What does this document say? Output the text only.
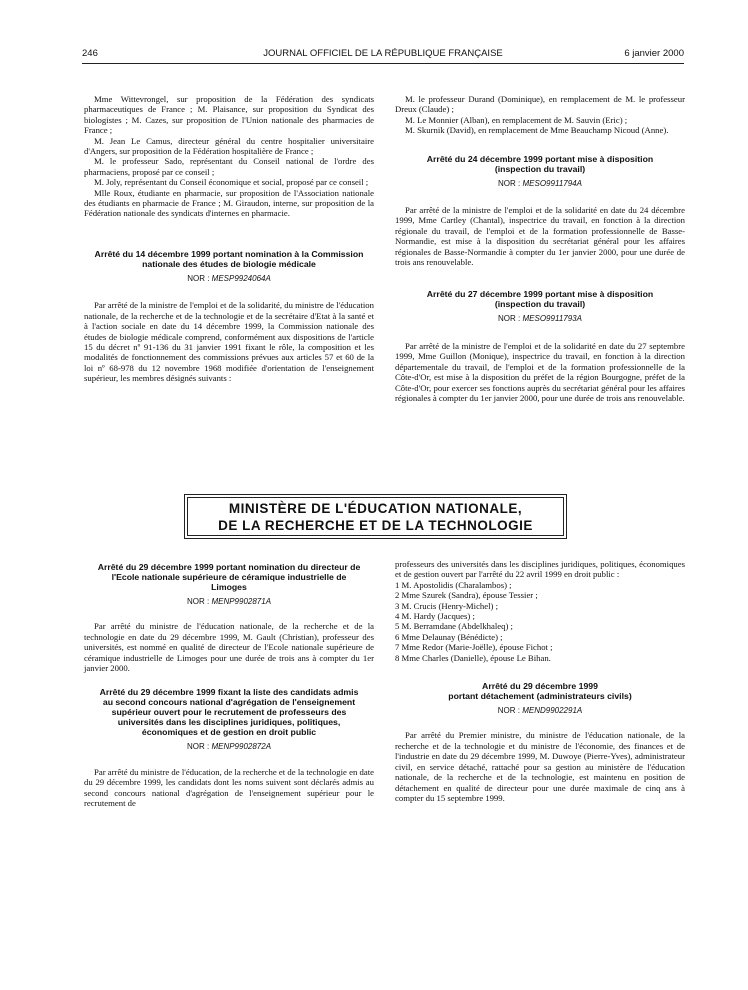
246	JOURNAL OFFICIEL DE LA RÉPUBLIQUE FRANÇAISE	6 janvier 2000

Mme Wittevrongel, sur proposition de la Fédération des syndicats pharmaceutiques de France ; M. Plaisance, sur proposition du Syndicat des biologistes ; M. Cazes, sur proposition de l'Union nationale des pharmacies de France ;

M. Jean Le Camus, directeur général du centre hospitalier universitaire d'Angers, sur proposition de la Fédération hospitalière de France ;

M. le professeur Sado, représentant du Conseil national de l'ordre des pharmaciens, proposé par ce conseil ;

M. Joly, représentant du Conseil économique et social, proposé par ce conseil ;

Mlle Roux, étudiante en pharmacie, sur proposition de l'Association nationale des étudiants en pharmacie de France ; M. Giraudon, interne, sur proposition de la Fédération nationale des syndicats d'internes en pharmacie.

Arrêté du 14 décembre 1999 portant nomination à la Commission nationale des études de biologie médicale
NOR : MESP9924064A

Par arrêté de la ministre de l'emploi et de la solidarité, du ministre de l'éducation nationale, de la recherche et de la technologie et de la secrétaire d'Etat à la santé et à l'action sociale en date du 14 décembre 1999, la Commission nationale des études de biologie médicale comprend, conformément aux dispositions de l'article 15 du décret nº 91-136 du 31 janvier 1991 fixant le rôle, la composition et les modalités de fonctionnement des commissions prévues aux articles 57 et 60 de la loi nº 68-978 du 12 novembre 1968 modifiée d'orientation de l'enseignement supérieur, les membres désignés suivants :

M. le professeur Durand (Dominique), en remplacement de M. le professeur Dreux (Claude) ;

M. Le Monnier (Alban), en remplacement de M. Sauvin (Eric) ;

M. Skurnik (David), en remplacement de Mme Beauchamp Nicoud (Anne).

Arrêté du 24 décembre 1999 portant mise à disposition (inspection du travail)
NOR : MESO9911794A

Par arrêté de la ministre de l'emploi et de la solidarité en date du 24 décembre 1999, Mme Cartley (Chantal), inspectrice du travail, en fonction à la direction régionale du travail, de l'emploi et de la formation professionnelle de Basse-Normandie, est mise à la disposition du secrétariat général pour les affaires régionales de Basse-Normandie à compter du 1er janvier 2000, pour une durée de trois ans renouvelable.

Arrêté du 27 décembre 1999 portant mise à disposition (inspection du travail)
NOR : MESO9911793A

Par arrêté de la ministre de l'emploi et de la solidarité en date du 27 septembre 1999, Mme Guillon (Monique), inspectrice du travail, en fonction à la direction départementale du travail, de l'emploi et de la formation professionnelle de la Côte-d'Or, est mise à la disposition du préfet de la région Bourgogne, préfet de la Côte-d'Or, pour exercer ses fonctions auprès du secrétariat général pour les affaires régionales à compter du 1er janvier 2000, pour une durée de trois ans renouvelable.

MINISTÈRE DE L'ÉDUCATION NATIONALE,
DE LA RECHERCHE ET DE LA TECHNOLOGIE
Arrêté du 29 décembre 1999 portant nomination du directeur de l'Ecole nationale supérieure de céramique industrielle de Limoges
NOR : MENP9902871A

Par arrêté du ministre de l'éducation nationale, de la recherche et de la technologie en date du 29 décembre 1999, M. Gault (Christian), professeur des universités, est nommé en qualité de directeur de l'Ecole nationale supérieure de céramique industrielle de Limoges pour une durée de trois ans à compter du 1er janvier 2000.

Arrêté du 29 décembre 1999 fixant la liste des candidats admis au second concours national d'agrégation de l'enseignement supérieur ouvert pour le recrutement de professeurs des universités dans les disciplines juridiques, politiques, économiques et de gestion en droit public
NOR : MENP9902872A

Par arrêté du ministre de l'éducation, de la recherche et de la technologie en date du 29 décembre 1999, les candidats dont les noms suivent sont déclarés admis au second concours national d'agrégation de l'enseignement supérieur pour le recrutement de

professeurs des universités dans les disciplines juridiques, politiques, économiques et de gestion ouvert par l'arrêté du 22 avril 1999 en droit public :

1 M. Apostolidis (Charalambos) ;

2 Mme Szurek (Sandra), épouse Tessier ;

3 M. Crucis (Henry-Michel) ;

4 M. Hardy (Jacques) ;

5 M. Berramdane (Abdelkhaleq) ;

6 Mme Delaunay (Bénédicte) ;

7 Mme Redor (Marie-Joëlle), épouse Fichot ;

8 Mme Charles (Danielle), épouse Le Bihan.

Arrêté du 29 décembre 1999
portant détachement (administrateurs civils)
NOR : MEND9902291A

Par arrêté du Premier ministre, du ministre de l'éducation nationale, de la recherche et de la technologie et du ministre de l'économie, des finances et de l'industrie en date du 29 décembre 1999, M. Duwoye (Pierre-Yves), administrateur civil, en service détaché, rattaché pour sa gestion au ministère de l'éducation nationale, de la recherche et de la technologie, est maintenu en position de détachement en qualité de directeur pour une durée maximale de cinq ans à compter du 15 septembre 1999.
